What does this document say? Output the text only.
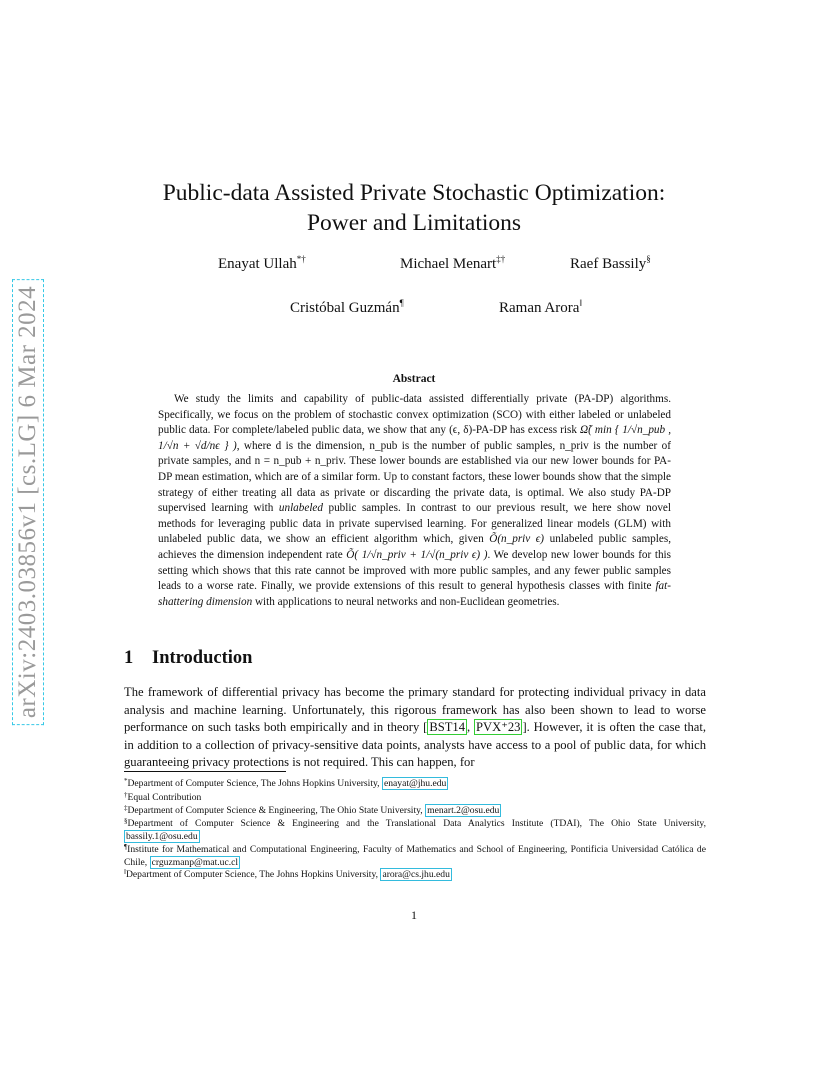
arXiv:2403.03856v1 [cs.LG] 6 Mar 2024
Public-data Assisted Private Stochastic Optimization:
Power and Limitations
Enayat Ullah*†	Michael Menart‡†	Raef Bassily§
Cristóbal Guzmán¶	Raman Arora‖
Abstract

We study the limits and capability of public-data assisted differentially private (PA-DP) algorithms. Specifically, we focus on the problem of stochastic convex optimization (SCO) with either labeled or unlabeled public data. For complete/labeled public data, we show that any (ϵ, δ)-PA-DP has excess risk Ω̃( min { 1/√n_pub , 1/√n + √d/nϵ } ), where d is the dimension, n_pub is the number of public samples, n_priv is the number of private samples, and n = n_pub + n_priv. These lower bounds are established via our new lower bounds for PA-DP mean estimation, which are of a similar form. Up to constant factors, these lower bounds show that the simple strategy of either treating all data as private or discarding the private data, is optimal. We also study PA-DP supervised learning with unlabeled public samples. In contrast to our previous result, we here show novel methods for leveraging public data in private supervised learning. For generalized linear models (GLM) with unlabeled public data, we show an efficient algorithm which, given Õ(n_priv ϵ) unlabeled public samples, achieves the dimension independent rate Õ( 1/√n_priv + 1/√(n_priv ϵ) ). We develop new lower bounds for this setting which shows that this rate cannot be improved with more public samples, and any fewer public samples leads to a worse rate. Finally, we provide extensions of this result to general hypothesis classes with finite fat-shattering dimension with applications to neural networks and non-Euclidean geometries.

1 Introduction

The framework of differential privacy has become the primary standard for protecting individual privacy in data analysis and machine learning. Unfortunately, this rigorous framework has also been shown to lead to worse performance on such tasks both empirically and in theory [ BST14 , PVX⁺23 ]. However, it is often the case that, in addition to a collection of privacy-sensitive data points, analysts have access to a pool of public data, for which guaranteeing privacy protections is not required. This can happen, for

*Department of Computer Science, The Johns Hopkins University, enayat@jhu.edu
†Equal Contribution
‡Department of Computer Science & Engineering, The Ohio State University, menart.2@osu.edu
§Department of Computer Science & Engineering and the Translational Data Analytics Institute (TDAI), The Ohio State University, bassily.1@osu.edu
¶Institute for Mathematical and Computational Engineering, Faculty of Mathematics and School of Engineering, Pontificia Universidad Católica de Chile, crguzmanp@mat.uc.cl
‖Department of Computer Science, The Johns Hopkins University, arora@cs.jhu.edu
1
